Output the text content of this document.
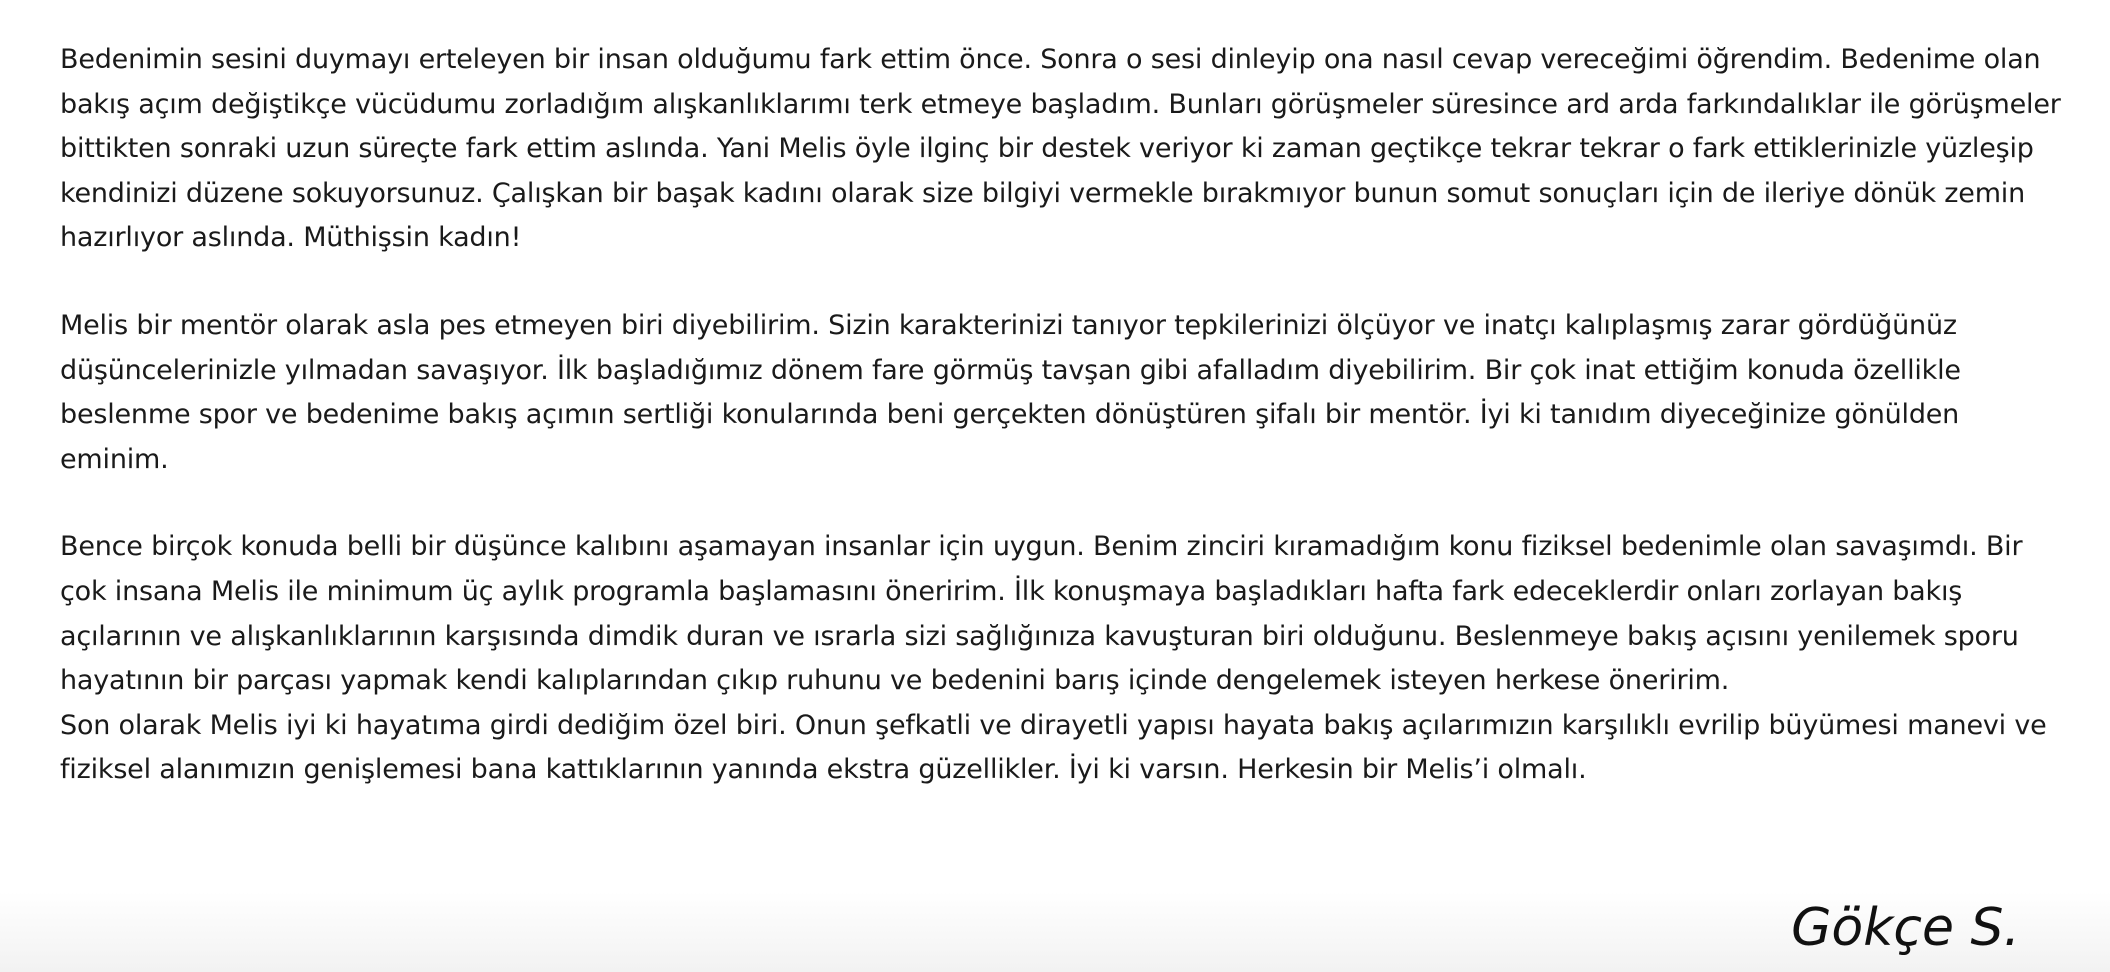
Bedenimin sesini duymayı erteleyen bir insan olduğumu fark ettim önce. Sonra o sesi dinleyip ona nasıl cevap vereceğimi öğrendim. Bedenime olan bakış açım değiştikçe vücüdumu zorladığım alışkanlıklarımı terk etmeye başladım. Bunları görüşmeler süresince ard arda farkındalıklar ile görüşmeler bittikten sonraki uzun süreçte fark ettim aslında. Yani Melis öyle ilginç bir destek veriyor ki zaman geçtikçe tekrar tekrar o fark ettiklerinizle yüzleşip kendinizi düzene sokuyorsunuz. Çalışkan bir başak kadını olarak size bilgiyi vermekle bırakmıyor bunun somut sonuçları için de ileriye dönük zemin hazırlıyor aslında. Müthişsin kadın!

Melis bir mentör olarak asla pes etmeyen biri diyebilirim. Sizin karakterinizi tanıyor tepkilerinizi ölçüyor ve inatçı kalıplaşmış zarar gördüğünüz düşüncelerinizle yılmadan savaşıyor. İlk başladığımız dönem fare görmüş tavşan gibi afalladım diyebilirim. Bir çok inat ettiğim konuda özellikle beslenme spor ve bedenime bakış açımın sertliği konularında beni gerçekten dönüştüren şifalı bir mentör. İyi ki tanıdım diyeceğinize gönülden eminim.

Bence birçok konuda belli bir düşünce kalıbını aşamayan insanlar için uygun. Benim zinciri kıramadığım konu fiziksel bedenimle olan savaşımdı. Bir çok insana Melis ile minimum üç aylık programla başlamasını öneririm. İlk konuşmaya başladıkları hafta fark edeceklerdir onları zorlayan bakış açılarının ve alışkanlıklarının karşısında dimdik duran ve ısrarla sizi sağlığınıza kavuşturan biri olduğunu. Beslenmeye bakış açısını yenilemek sporu hayatının bir parçası yapmak kendi kalıplarından çıkıp ruhunu ve bedenini barış içinde dengelemek isteyen herkese öneririm.

Son olarak Melis iyi ki hayatıma girdi dediğim özel biri. Onun şefkatli ve dirayetli yapısı hayata bakış açılarımızın karşılıklı evrilip büyümesi manevi ve fiziksel alanımızın genişlemesi bana kattıklarının yanında ekstra güzellikler. İyi ki varsın. Herkesin bir Melis’i olmalı.

Gökçe S.
